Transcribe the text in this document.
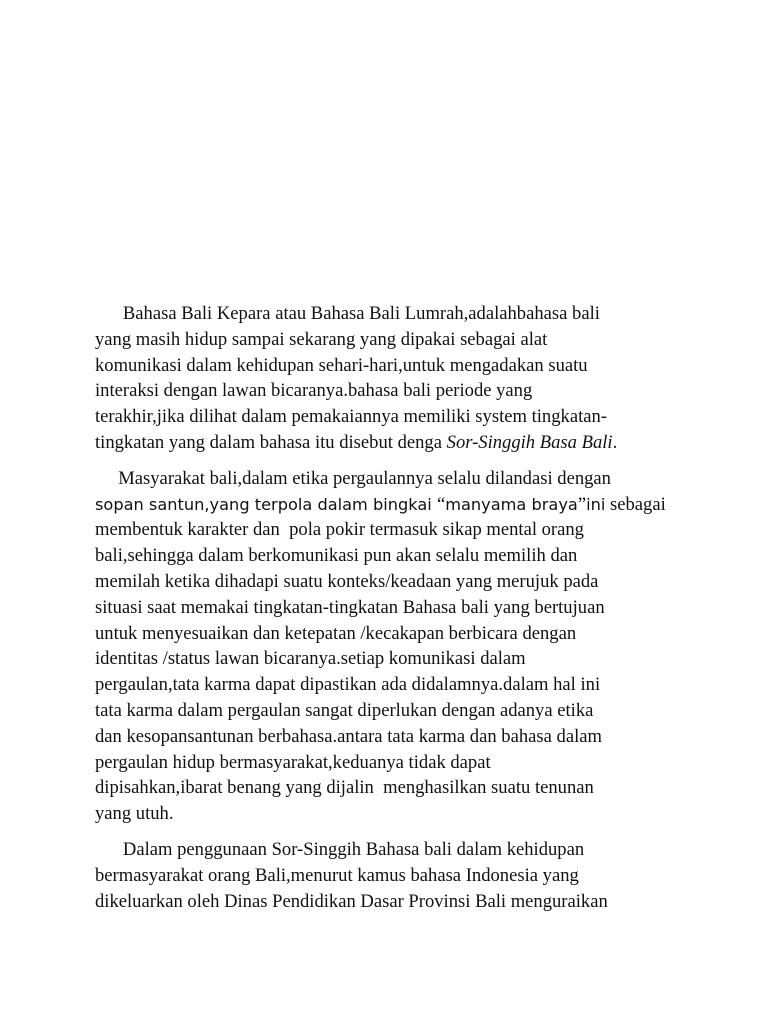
Bahasa Bali Kepara atau Bahasa Bali Lumrah,adalahbahasa bali
yang masih hidup sampai sekarang yang dipakai sebagai alat
komunikasi dalam kehidupan sehari-hari,untuk mengadakan suatu
interaksi dengan lawan bicaranya.bahasa bali periode yang
terakhir,jika dilihat dalam pemakaiannya memiliki system tingkatan-
tingkatan yang dalam bahasa itu disebut denga Sor-Singgih Basa Bali.

Masyarakat bali,dalam etika pergaulannya selalu dilandasi dengan
sopan santun,yang terpola dalam bingkai “manyama braya”ini sebagai
membentuk karakter dan  pola pokir termasuk sikap mental orang
bali,sehingga dalam berkomunikasi pun akan selalu memilih dan
memilah ketika dihadapi suatu konteks/keadaan yang merujuk pada
situasi saat memakai tingkatan-tingkatan Bahasa bali yang bertujuan
untuk menyesuaikan dan ketepatan /kecakapan berbicara dengan
identitas /status lawan bicaranya.setiap komunikasi dalam
pergaulan,tata karma dapat dipastikan ada didalamnya.dalam hal ini
tata karma dalam pergaulan sangat diperlukan dengan adanya etika
dan kesopansantunan berbahasa.antara tata karma dan bahasa dalam
pergaulan hidup bermasyarakat,keduanya tidak dapat
dipisahkan,ibarat benang yang dijalin  menghasilkan suatu tenunan
yang utuh.

Dalam penggunaan Sor-Singgih Bahasa bali dalam kehidupan
bermasyarakat orang Bali,menurut kamus bahasa Indonesia yang
dikeluarkan oleh Dinas Pendidikan Dasar Provinsi Bali menguraikan
